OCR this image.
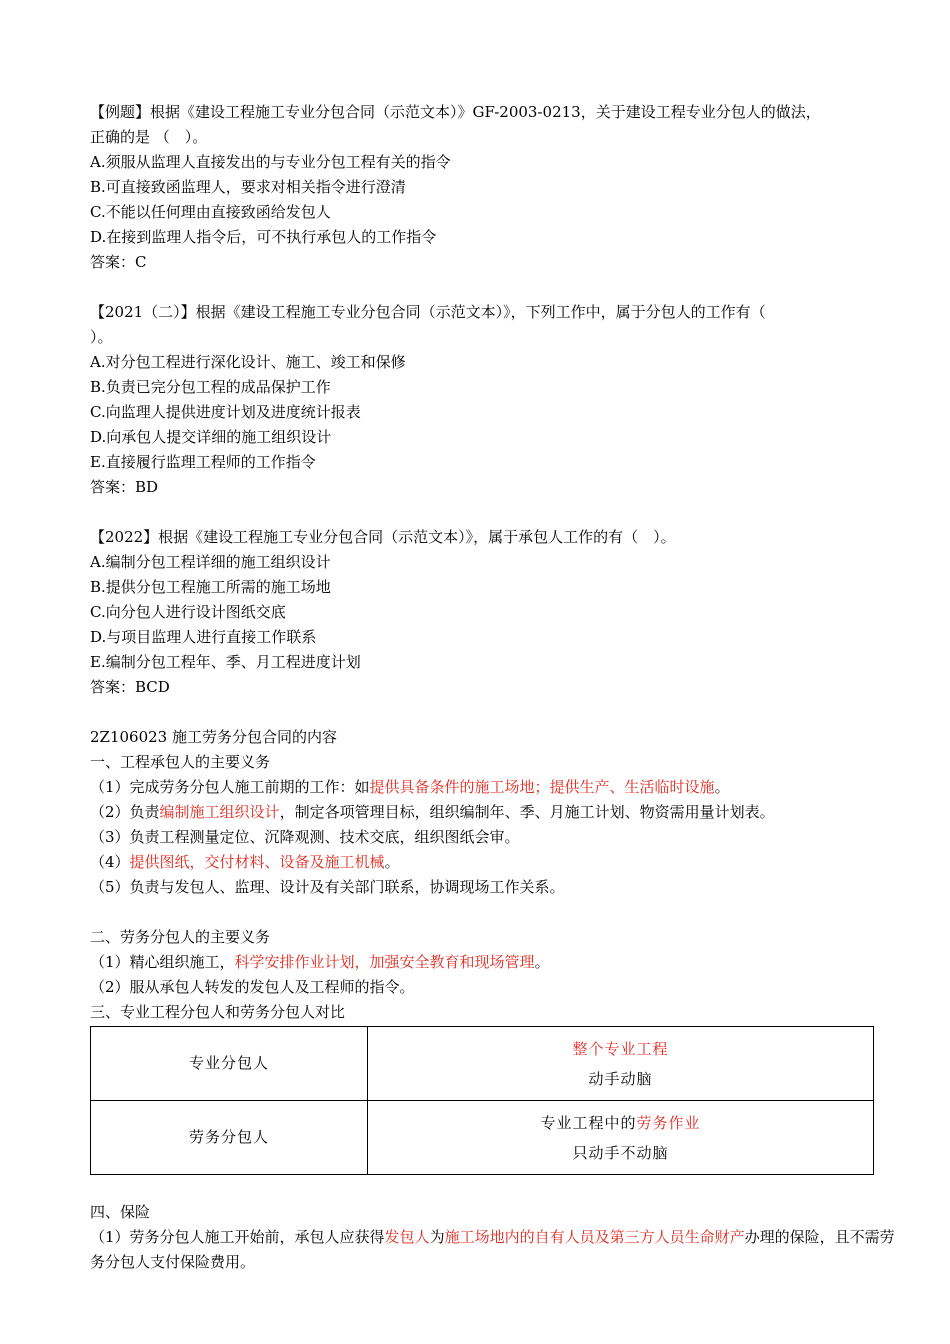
【例题】根据《建设工程施工专业分包合同（示范文本）》GF-2003-0213，关于建设工程专业分包人的做法，
正确的是 （　）。
A.须服从监理人直接发出的与专业分包工程有关的指令
B.可直接致函监理人，要求对相关指令进行澄清
C.不能以任何理由直接致函给发包人
D.在接到监理人指令后，可不执行承包人的工作指令
答案：C
【2021（二）】根据《建设工程施工专业分包合同（示范文本）》，下列工作中，属于分包人的工作有（
）。
A.对分包工程进行深化设计、施工、竣工和保修
B.负责已完分包工程的成品保护工作
C.向监理人提供进度计划及进度统计报表
D.向承包人提交详细的施工组织设计
E.直接履行监理工程师的工作指令
答案：BD
【2022】根据《建设工程施工专业分包合同（示范文本）》，属于承包人工作的有（　）。
A.编制分包工程详细的施工组织设计
B.提供分包工程施工所需的施工场地
C.向分包人进行设计图纸交底
D.与项目监理人进行直接工作联系
E.编制分包工程年、季、月工程进度计划
答案：BCD
2Z106023 施工劳务分包合同的内容
一、工程承包人的主要义务
（1）完成劳务分包人施工前期的工作：如提供具备条件的施工场地；提供生产、生活临时设施。
（2）负责编制施工组织设计，制定各项管理目标，组织编制年、季、月施工计划、物资需用量计划表。
（3）负责工程测量定位、沉降观测、技术交底，组织图纸会审。
（4）提供图纸，交付材料、设备及施工机械。
（5）负责与发包人、监理、设计及有关部门联系，协调现场工作关系。
二、劳务分包人的主要义务
（1）精心组织施工，科学安排作业计划，加强安全教育和现场管理。
（2）服从承包人转发的发包人及工程师的指令。
三、专业工程分包人和劳务分包人对比
专业分包人	整个专业工程
动手动脑

劳务分包人	专业工程中的劳务作业
只动手不动脑
四、保险
（1）劳务分包人施工开始前，承包人应获得发包人为施工场地内的自有人员及第三方人员生命财产办理的保险，且不需劳务分包人支付保险费用。
